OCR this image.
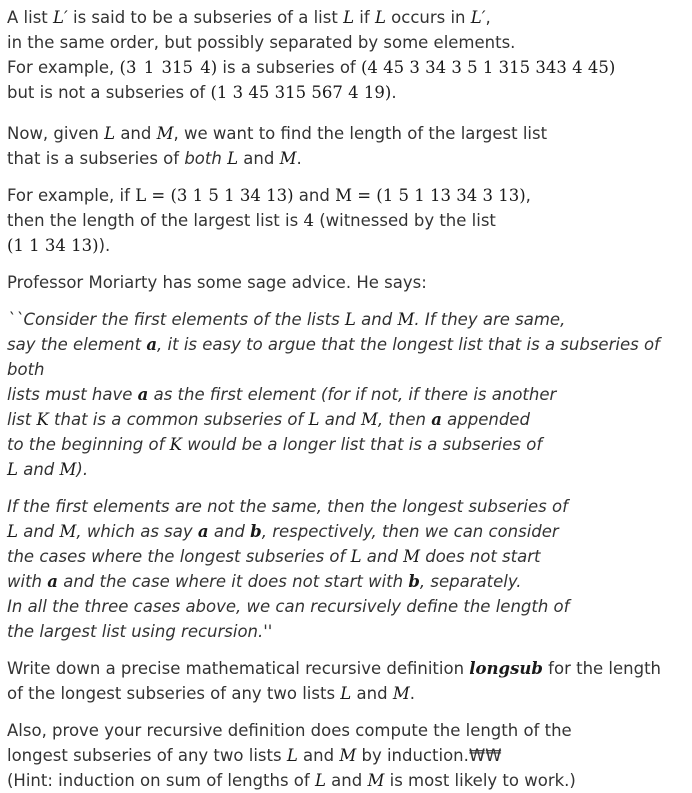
A list L′ is said to be a subseries of a list L if L occurs in L′,
in the same order, but possibly separated by some elements.
For example, (3 1 315 4) is a subseries of (4 45 3 34 3 5 1 315 343 4 45)
but is not a subseries of (1 3 45 315 567 4 19).

Now, given L and M, we want to find the length of the largest list
that is a subseries of both L and M.

For example, if L = (3 1 5 1 34 13) and M = (1 5 1 13 34 3 13),
then the length of the largest list is 4 (witnessed by the list
(1 1 34 13)).

Professor Moriarty has some sage advice. He says:

``Consider the first elements of the lists L and M. If they are same,
say the element a, it is easy to argue that the longest list that is a subseries of both
lists must have a as the first element (for if not, if there is another
list K that is a common subseries of L and M, then a appended
to the beginning of K would be a longer list that is a subseries of
L and M).

If the first elements are not the same, then the longest subseries of
L and M, which as say a and b, respectively, then we can consider
the cases where the longest subseries of L and M does not start
with a and the case where it does not start with b, separately.
In all the three cases above, we can recursively define the length of
the largest list using recursion.''

Write down a precise mathematical recursive definition longsub for the length
of the longest subseries of any two lists L and M.

Also, prove your recursive definition does compute the length of the
longest subseries of any two lists L and M by induction.₩₩
(Hint: induction on sum of lengths of L and M is most likely to work.)
